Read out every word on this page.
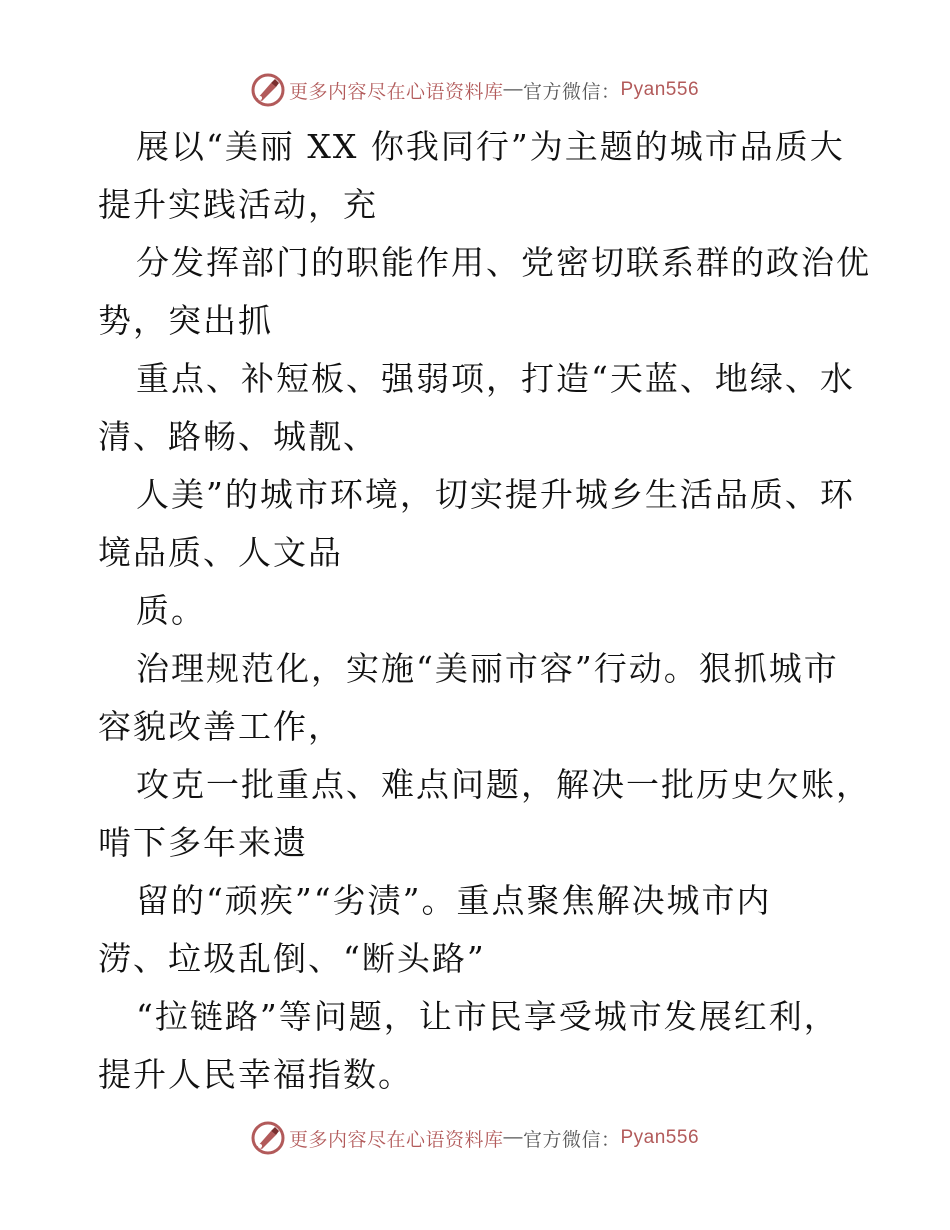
更多内容尽在心语资料库 — 官方微信： Pyan556
展以“美丽 XX 你我同行”为主题的城市品质大
提升实践活动，充
分发挥部门的职能作用、党密切联系群的政治优
势，突出抓
重点、补短板、强弱项，打造“天蓝、地绿、水
清、路畅、城靓、
人美”的城市环境，切实提升城乡生活品质、环
境品质、人文品
质。
治理规范化，实施“美丽市容”行动。狠抓城市
容貌改善工作，
攻克一批重点、难点问题，解决一批历史欠账，
啃下多年来遗
留的“顽疾”“劣渍”。重点聚焦解决城市内
涝、垃圾乱倒、“断头路”
“拉链路”等问题，让市民享受城市发展红利，
提升人民幸福指数。
更多内容尽在心语资料库 — 官方微信： Pyan556
